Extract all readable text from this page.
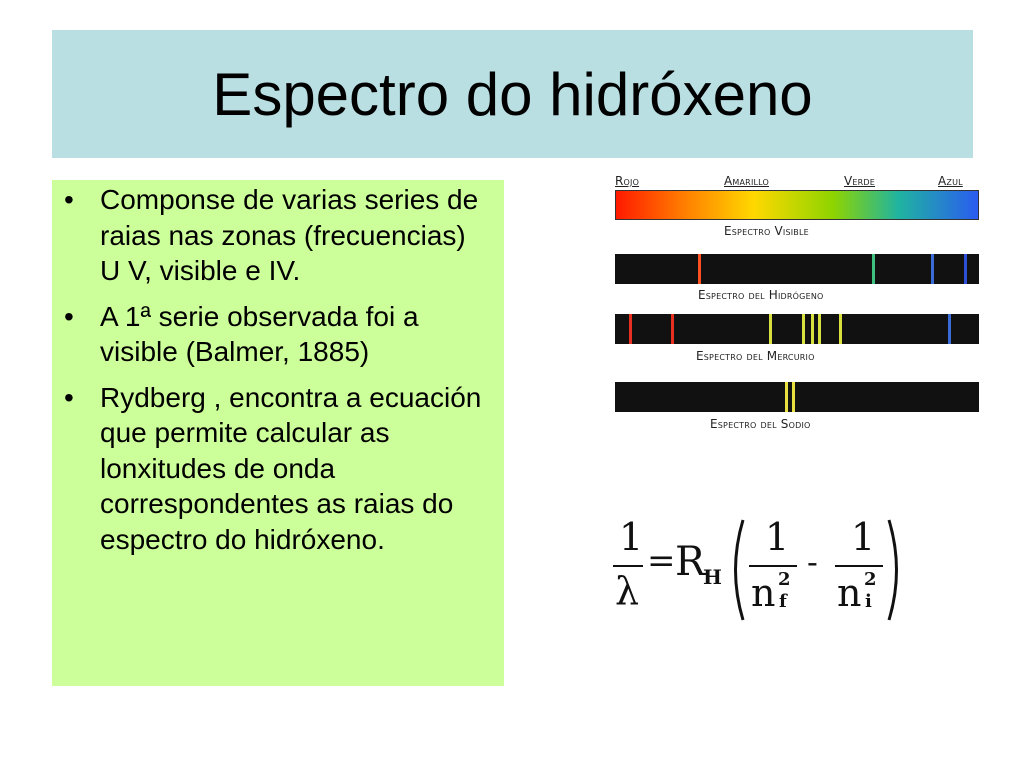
Espectro do hidróxeno
• Componse de varias series de raias nas zonas (frecuencias) U V, visible e IV.
• A 1ª serie observada foi a visible (Balmer, 1885)
• Rydberg , encontra a ecuación que permite calcular as lonxitudes de onda correspondentes as raias do espectro do hidróxeno.
Rojo	Amarillo	Verde	Azul
Espectro Visible
Espectro del Hidrógeno
Espectro del Mercurio
Espectro del Sodio
1
λ
= R
H
1
n 2
f
-
1
n 2
i
